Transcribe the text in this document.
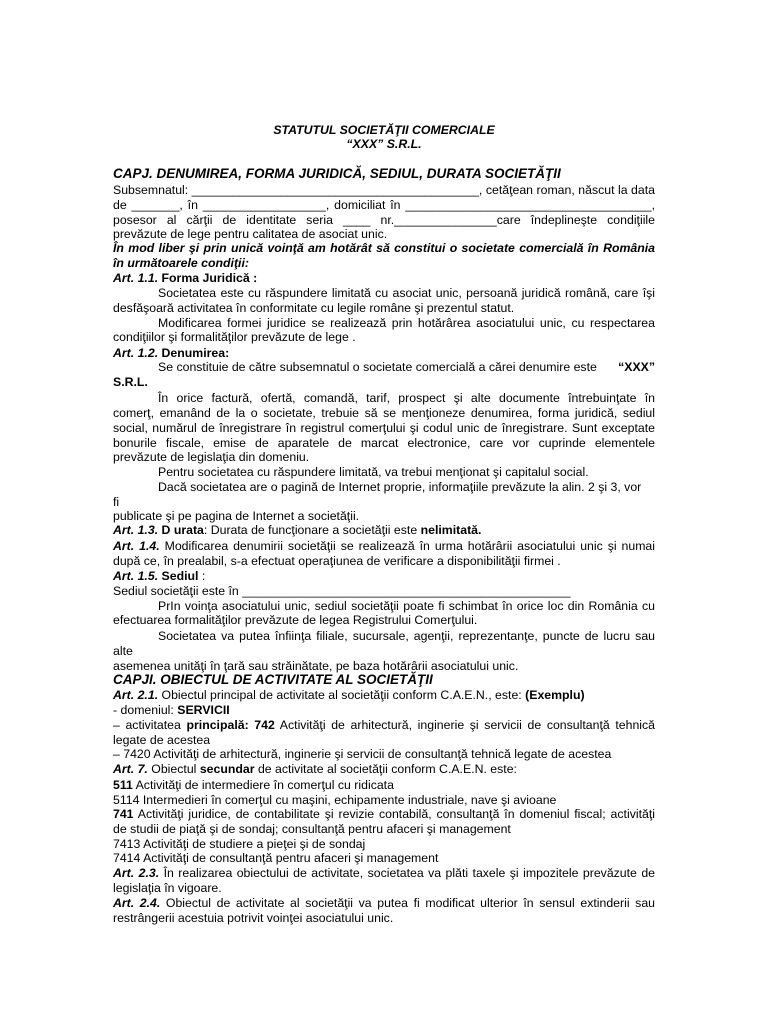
STATUTUL SOCIETĂŢII COMERCIALE
“XXX” S.R.L.
CAPJ. DENUMIREA, FORMA JURIDICĂ, SEDIUL, DURATA SOCIETĂŢII
Subsemnatul: __________________________________________, cetăţean roman, născut la data
de _______, în __________________, domiciliat în ____________________________________,
posesor al cărţii de identitate seria ____ nr._______________care îndeplineşte condiţiile
prevăzute de lege pentru calitatea de asociat unic.
În mod liber şi prin unică voinţă am hotărât să constitui o societate comercială în România
în următoarele condiţii:
Art. 1.1. Forma Juridică :
Societatea este cu răspundere limitată cu asociat unic, persoană juridică română, care îşi
desfăşoară activitatea în conformitate cu legile române şi prezentul statut.
Modificarea formei juridice se realizează prin hotărârea asociatului unic, cu respectarea
condiţiilor şi formalităţilor prevăzute de lege .
Art. 1.2. Denumirea:
Se constituie de către subsemnatul o societate comercială a cărei denumire este “XXX”
S.R.L.
În orice factură, ofertă, comandă, tarif, prospect şi alte documente întrebuinţate în
comerţ, emanând de la o societate, trebuie să se menţioneze denumirea, forma juridică, sediul
social, numărul de înregistrare în registrul comerţului şi codul unic de înregistrare. Sunt exceptate
bonurile fiscale, emise de aparatele de marcat electronice, care vor cuprinde elementele
prevăzute de legislaţia din domeniu.
Pentru societatea cu răspundere limitată, va trebui menţionat şi capitalul social.
Dacă societatea are o pagină de Internet proprie, informaţiile prevăzute la alin. 2 şi 3, vor
fi
publicate şi pe pagina de Internet a societăţii.
Art. 1.3. D urata: Durata de funcţionare a societăţii este nelimitată.
Art. 1.4. Modificarea denumirii societăţii se realizează în urma hotărârii asociatului unic şi numai
după ce, în prealabil, s-a efectuat operaţiunea de verificare a disponibilităţii firmei .
Art. 1.5. Sediul :
Sediul societăţii este în ________________________________________________
PrIn voinţa asociatului unic, sediul societăţii poate fi schimbat în orice loc din România cu
efectuarea formalităţilor prevăzute de legea Registrului Comerţului.
Societatea va putea înfiinţa filiale, sucursale, agenţii, reprezentanţe, puncte de lucru sau
alte
asemenea unităţi în ţară sau străinătate, pe baza hotărârii asociatului unic.
CAPJI. OBIECTUL DE ACTIVITATE AL SOCIETĂŢII
Art. 2.1. Obiectul principal de activitate al societăţii conform C.A.E.N., este: (Exemplu)
- domeniul: SERVICII
– activitatea principală: 742 Activităţi de arhitectură, inginerie şi servicii de consultanţă tehnică
legate de acestea
– 7420 Activităţi de arhitectură, inginerie şi servicii de consultanţă tehnică legate de acestea
Art. 7. Obiectul secundar de activitate al societăţii conform C.A.E.N. este:
511 Activităţi de intermediere în comerţul cu ridicata
5114 Intermedieri în comerţul cu maşini, echipamente industriale, nave şi avioane
741 Activităţi juridice, de contabilitate şi revizie contabilă, consultanţă în domeniul fiscal; activităţi
de studii de piaţă şi de sondaj; consultanţă pentru afaceri şi management
7413 Activităţi de studiere a pieţei şi de sondaj
7414 Activităţi de consultanţă pentru afaceri şi management
Art. 2.3. În realizarea obiectului de activitate, societatea va plăti taxele şi impozitele prevăzute de
legislaţia în vigoare.
Art. 2.4. Obiectul de activitate al societăţii va putea fi modificat ulterior în sensul extinderii sau
restrângerii acestuia potrivit voinţei asociatului unic.
